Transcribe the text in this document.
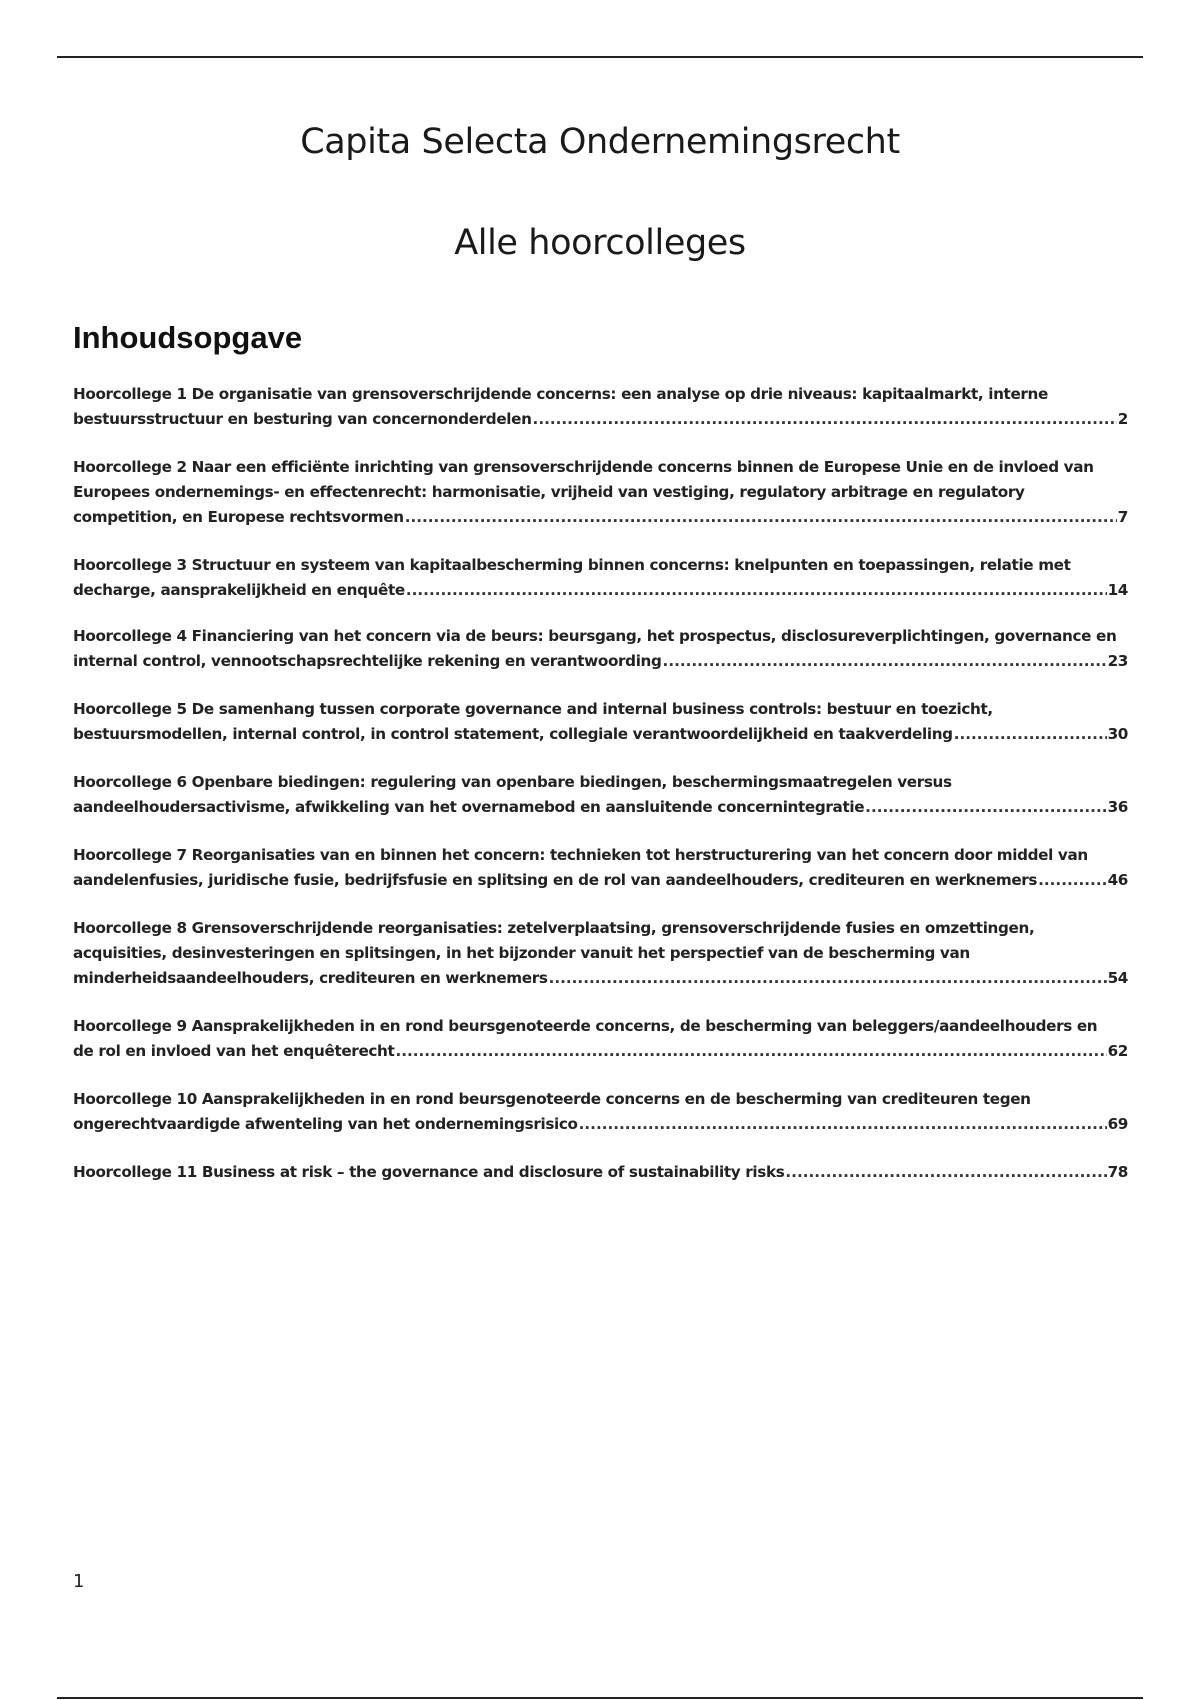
Capita Selecta Ondernemingsrecht
Alle hoorcolleges
Inhoudsopgave
Hoorcollege 1 De organisatie van grensoverschrijdende concerns: een analyse op drie niveaus: kapitaalmarkt, interne

bestuursstructuur en besturing van concernonderdelen .....	2
Hoorcollege 2 Naar een efficiënte inrichting van grensoverschrijdende concerns binnen de Europese Unie en de invloed van
Europees ondernemings- en effectenrecht: harmonisatie, vrijheid van vestiging, regulatory arbitrage en regulatory

competition, en Europese rechtsvormen .....	7
Hoorcollege 3 Structuur en systeem van kapitaalbescherming binnen concerns: knelpunten en toepassingen, relatie met

decharge, aansprakelijkheid en enquête .....	14
Hoorcollege 4 Financiering van het concern via de beurs: beursgang, het prospectus, disclosureverplichtingen, governance en

internal control, vennootschapsrechtelijke rekening en verantwoording .....	23
Hoorcollege 5 De samenhang tussen corporate governance and internal business controls: bestuur en toezicht,

bestuursmodellen, internal control, in control statement, collegiale verantwoordelijkheid en taakverdeling .....	30
Hoorcollege 6 Openbare biedingen: regulering van openbare biedingen, beschermingsmaatregelen versus

aandeelhoudersactivisme, afwikkeling van het overnamebod en aansluitende concernintegratie .....	36
Hoorcollege 7 Reorganisaties van en binnen het concern: technieken tot herstructurering van het concern door middel van

aandelenfusies, juridische fusie, bedrijfsfusie en splitsing en de rol van aandeelhouders, crediteuren en werknemers .....	46
Hoorcollege 8 Grensoverschrijdende reorganisaties: zetelverplaatsing, grensoverschrijdende fusies en omzettingen,
acquisities, desinvesteringen en splitsingen, in het bijzonder vanuit het perspectief van de bescherming van

minderheidsaandeelhouders, crediteuren en werknemers .....	54
Hoorcollege 9 Aansprakelijkheden in en rond beursgenoteerde concerns, de bescherming van beleggers/aandeelhouders en

de rol en invloed van het enquêterecht .....	62
Hoorcollege 10 Aansprakelijkheden in en rond beursgenoteerde concerns en de bescherming van crediteuren tegen

ongerechtvaardigde afwenteling van het ondernemingsrisico .....	69
Hoorcollege 11 Business at risk – the governance and disclosure of sustainability risks .....	78
1
